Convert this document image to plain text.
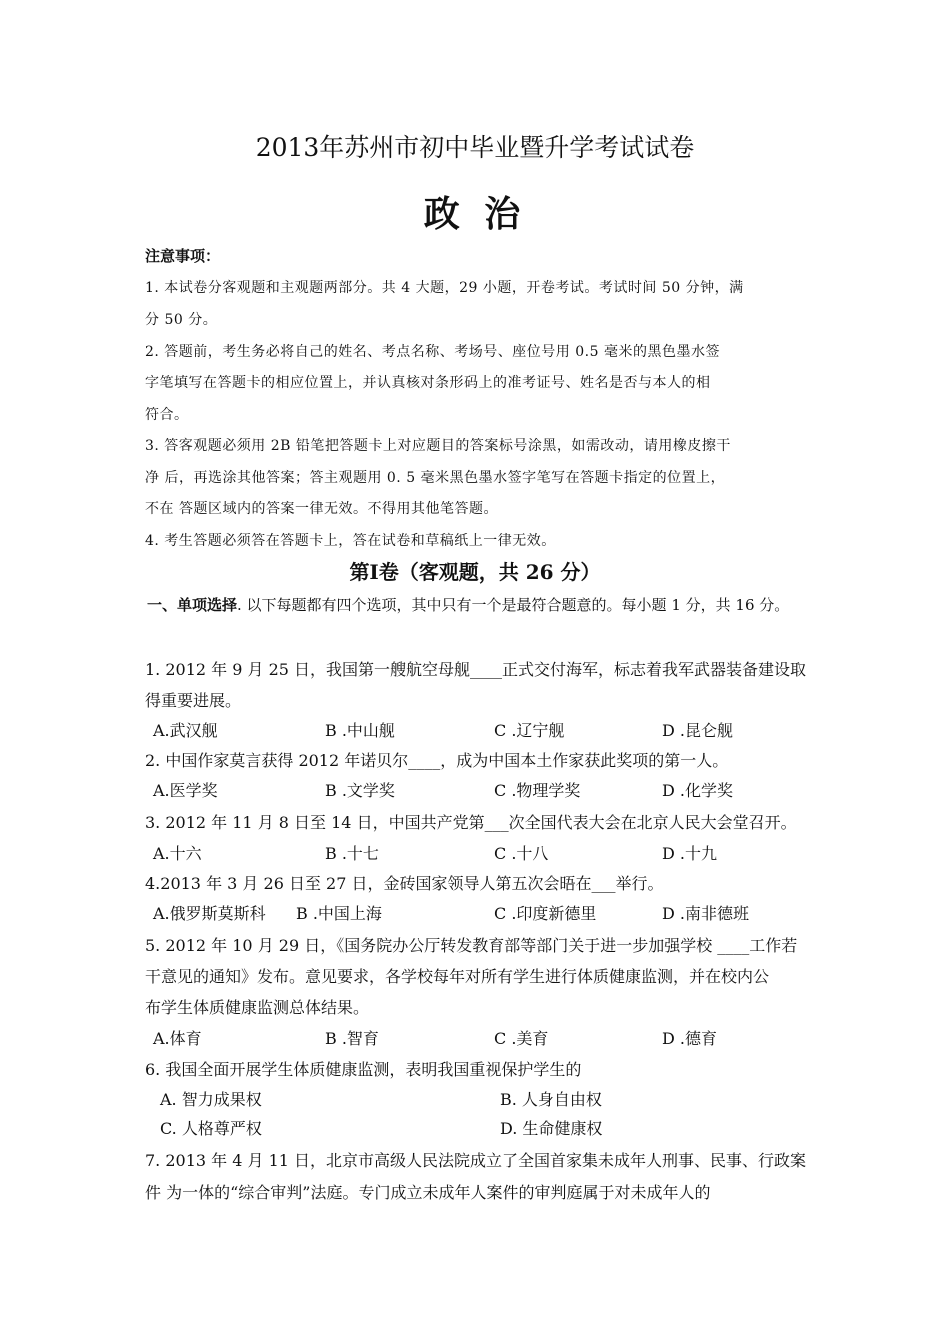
2013年苏州市初中毕业暨升学考试试卷
政 治
注意事项：
1. 本试卷分客观题和主观题两部分。共 4 大题，29 小题，开卷考试。考试时间 50 分钟，满
分 50 分。
2. 答题前，考生务必将自己的姓名、考点名称、考场号、座位号用 0.5 毫米的黑色墨水签
字笔填写在答题卡的相应位置上，并认真核对条形码上的准考证号、姓名是否与本人的相
符合。
3. 答客观题必须用 2B 铅笔把答题卡上对应题目的答案标号涂黑，如需改动，请用橡皮擦干
净 后，再选涂其他答案；答主观题用 0. 5 毫米黑色墨水签字笔写在答题卡指定的位置上，
不在 答题区域内的答案一律无效。不得用其他笔答题。
4. 考生答题必须答在答题卡上，答在试卷和草稿纸上一律无效。
第Ⅰ卷（客观题，共 26 分）
一、单项选择. 以下每题都有四个选项，其中只有一个是最符合题意的。每小题 1 分，共 16 分。
1. 2012 年 9 月 25 日，我国第一艘航空母舰____正式交付海军，标志着我军武器装备建设取
得重要进展。
A.武汉舰	B .中山舰	C .辽宁舰	D .昆仑舰
2. 中国作家莫言获得 2012 年诺贝尔____，成为中国本土作家获此奖项的第一人。
A.医学奖	B .文学奖	C .物理学奖	D .化学奖
3. 2012 年 11 月 8 日至 14 日，中国共产党第___次全国代表大会在北京人民大会堂召开。
A.十六	B .十七	C .十八	D .十九
4.2013 年 3 月 26 日至 27 日，金砖国家领导人第五次会晤在___举行。
A.俄罗斯莫斯科 B .中国上海	C .印度新德里	D .南非德班
5. 2012 年 10 月 29 日，《国务院办公厅转发教育部等部门关于进一步加强学校 ____工作若
干意见的通知》发布。意见要求，各学校每年对所有学生进行体质健康监测，并在校内公
布学生体质健康监测总体结果。
A.体育	B .智育	C .美育	D .德育
6. 我国全面开展学生体质健康监测，表明我国重视保护学生的
A. 智力成果权	B. 人身自由权
C. 人格尊严权	D. 生命健康权
7. 2013 年 4 月 11 日，北京市高级人民法院成立了全国首家集未成年人刑事、民事、行政案
件 为一体的“综合审判”法庭。专门成立未成年人案件的审判庭属于对未成年人的
